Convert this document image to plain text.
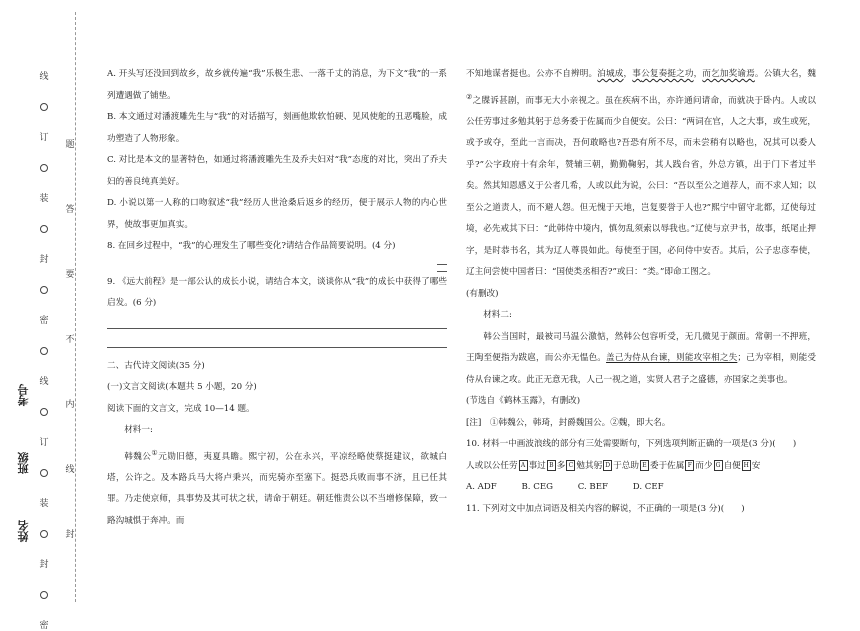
线
订
装
封
密
线
订
装
封
密
题
答
要
不
内
线
封
考号
班级
姓名

A. 开头写还没回到故乡，故乡就传遍“我”乐极生悲、一落千丈的消息，为下文“我”的一系列遭遇做了铺垫。

B. 本文通过对潘渡雕先生与“我”的对话描写，刻画他欺软怕硬、见风使舵的丑恶嘴脸，成功塑造了人物形象。

C. 对比是本文的显著特色，如通过将潘渡雕先生及乔夫妇对“我”态度的对比，突出了乔夫妇的善良纯真美好。

D. 小说以第一人称的口吻叙述“我”经历人世沧桑后返乡的经历，便于展示人物的内心世界，使故事更加真实。

8. 在回乡过程中，“我”的心理发生了哪些变化?请结合作品简要说明。(4 分)

9. 《远大前程》是一部公认的成长小说，请结合本文，谈谈你从“我”的成长中获得了哪些启发。(6 分)

二、古代诗文阅读(35 分)

(一)文言文阅读(本题共 5 小题，20 分)

阅读下面的文言文，完成 10—14 题。

材料一:

韩魏公①元勋旧德，夷夏具瞻。熙宁初，公在永兴，平凉经略使蔡挺建议，欲城白塔，公许之。及本路兵马大将卢秉兴，而宪骑亦至塞下。挺恐兵败而事不济，且已任其罪。乃走使京师，具事势及其可状之状，请命于朝廷。朝廷惟责公以不当增修保障，致一路沟城惧于奔冲。而

不知地谋者挺也。公亦不自辨明。泊城成，事公复奏挺之功，而乞加奖谕焉。公镇大名，魏②之牒诉甚剧，而事无大小亲视之。虽在疾病不出，亦许通问请命，而就决于卧内。人或以公任劳事过多勉其躬于总务委于佐属而少自便安。公曰：“两词在官，人之大事，或生或死，或予或夺，至此一言而决，吾何敢略也?吾恐有所不尽，而未尝稍有以略也，况其可以委人乎?”公字政府十有余年，赞辅三朝，勤勤鞠躬，其人践台省，外总方镇，出于门下者过半矣。然其知恩感义于公者几希，人或以此为说，公曰：“吾以至公之道荐人，而不求人知；以至公之道责人，而不避人怨。但无愧于天地，岂复要誉于人也?”熙宁中留守北都，辽使每过境，必先戒其下曰：“此韩侍中境内，慎勿乱须索以辱我也。”辽使与京尹书，故事，纸尾止押字，是时恭书名，其为辽人尊畏如此。每使至于国，必问侍中安否。其后，公子忠彦奉使，辽主问尝使中国者曰：“国使类丞相否?”或曰：“类。”即命工图之。

(有删改)

材料二:

韩公当国时，最被司马温公激惦，然韩公包容听受，无几微见于颜面。常朝一不押班，王陶至便指为跋扈，而公亦无愠色。盖己为侍从台谏，则能攻宰相之失；己为宰相，则能受侍从台谏之攻。此正无意无我，人己一视之道，实贤人君子之盛德，亦国家之美事也。

(节选自《鹤林玉露》，有删改)

[注]　①韩魏公，韩琦，封爵魏国公。②魏，即大名。

10. 材料一中画波浪线的部分有三处需要断句，下列选项判断正确的一项是(3 分)(　　)

人或以公任劳 A 事过 B 多 C 勉其躬 D 于总助 E 委于佐属 F 而少 G 自便 H 安

A. ADF	B. CEG	C. BEF	D. CEF

11. 下列对文中加点词语及相关内容的解说，不正确的一项是(3 分)(　　)
